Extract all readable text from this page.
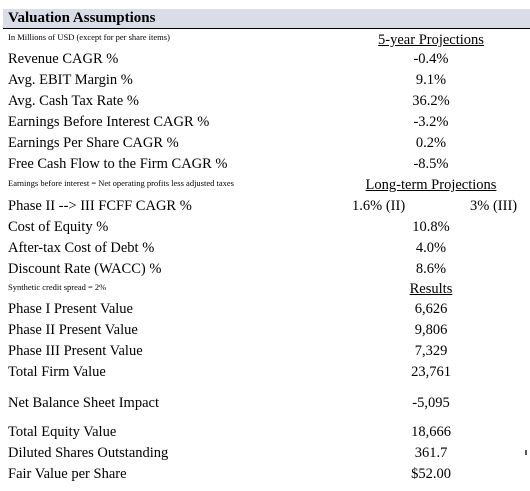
Valuation Assumptions
In Millions of USD (except for per share items)	5-year Projections
Revenue CAGR %	-0.4%
Avg. EBIT Margin %	9.1%
Avg. Cash Tax Rate %	36.2%
Earnings Before Interest CAGR %	-3.2%
Earnings Per Share CAGR %	0.2%
Free Cash Flow to the Firm CAGR %	-8.5%
Earnings before interest = Net operating profits less adjusted taxes	Long-term Projections
Phase II --> III FCFF CAGR %	1.6% (II)	3% (III)
Cost of Equity %	10.8%
After-tax Cost of Debt %	4.0%
Discount Rate (WACC) %	8.6%
Synthetic credit spread = 2%	Results
Phase I Present Value	6,626
Phase II Present Value	9,806
Phase III Present Value	7,329
Total Firm Value	23,761
Net Balance Sheet Impact	-5,095
Total Equity Value	18,666
Diluted Shares Outstanding	361.7
Fair Value per Share	$52.00
